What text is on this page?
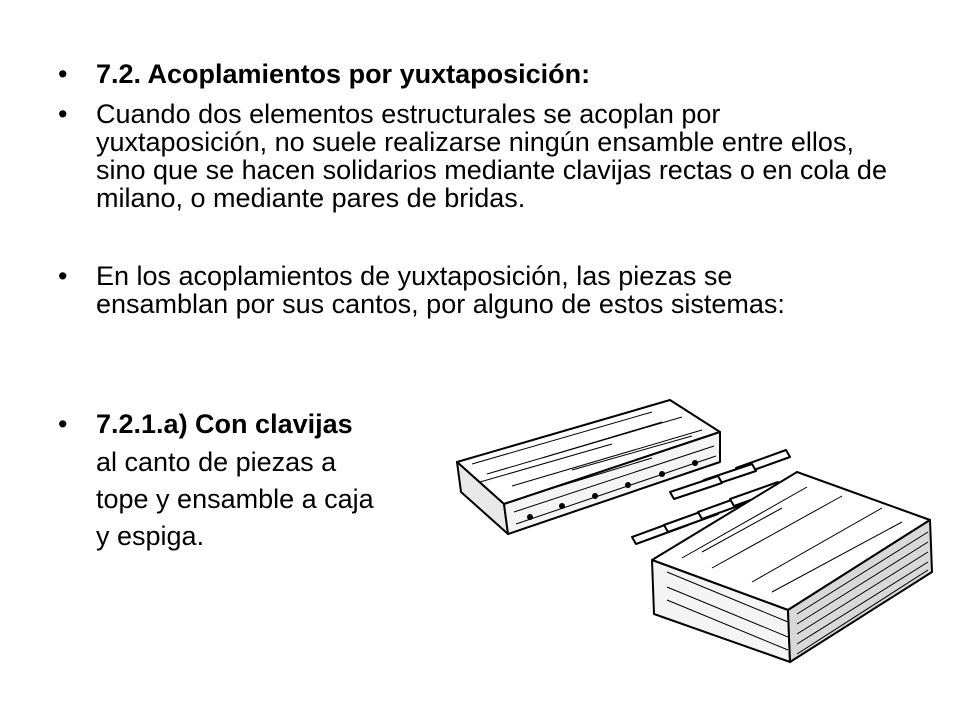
•	7.2. Acoplamientos por yuxtaposición:
•	Cuando dos elementos estructurales se acoplan por yuxtaposición, no suele realizarse ningún ensamble entre ellos, sino que se hacen solidarios mediante clavijas rectas o en cola de milano, o mediante pares de bridas.
•	En los acoplamientos de yuxtaposición, las piezas se ensamblan por sus cantos, por alguno de estos sistemas:
•	7.2.1.a) Con clavijas
al canto de piezas a
tope y ensamble a caja
y espiga.
